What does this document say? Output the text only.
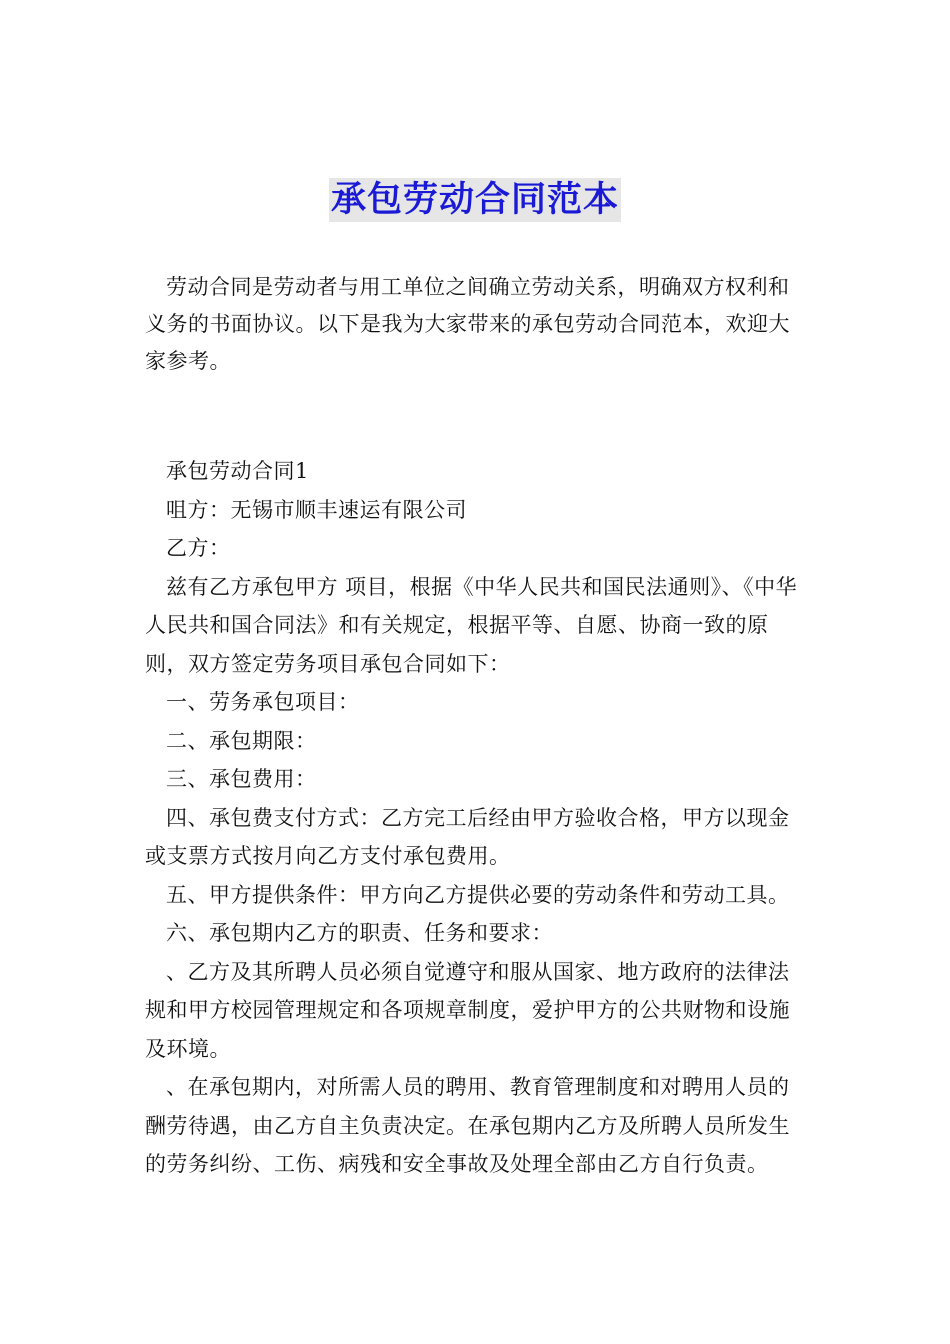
承包劳动合同范本

劳动合同是劳动者与用工单位之间确立劳动关系，明确双方权利和义务的书面协议。以下是我为大家带来的承包劳动合同范本，欢迎大家参考。

承包劳动合同1

咀方：无锡市顺丰速运有限公司

乙方：

兹有乙方承包甲方 项目，根据《中华人民共和国民法通则》、《中华人民共和国合同法》和有关规定，根据平等、自愿、协商一致的原则，双方签定劳务项目承包合同如下：

一、劳务承包项目：

二、承包期限：

三、承包费用：

四、承包费支付方式：乙方完工后经由甲方验收合格，甲方以现金或支票方式按月向乙方支付承包费用。

五、甲方提供条件：甲方向乙方提供必要的劳动条件和劳动工具。

六、承包期内乙方的职责、任务和要求：

、乙方及其所聘人员必须自觉遵守和服从国家、地方政府的法律法规和甲方校园管理规定和各项规章制度，爱护甲方的公共财物和设施及环境。

、在承包期内，对所需人员的聘用、教育管理制度和对聘用人员的酬劳待遇，由乙方自主负责决定。在承包期内乙方及所聘人员所发生的劳务纠纷、工伤、病残和安全事故及处理全部由乙方自行负责。
